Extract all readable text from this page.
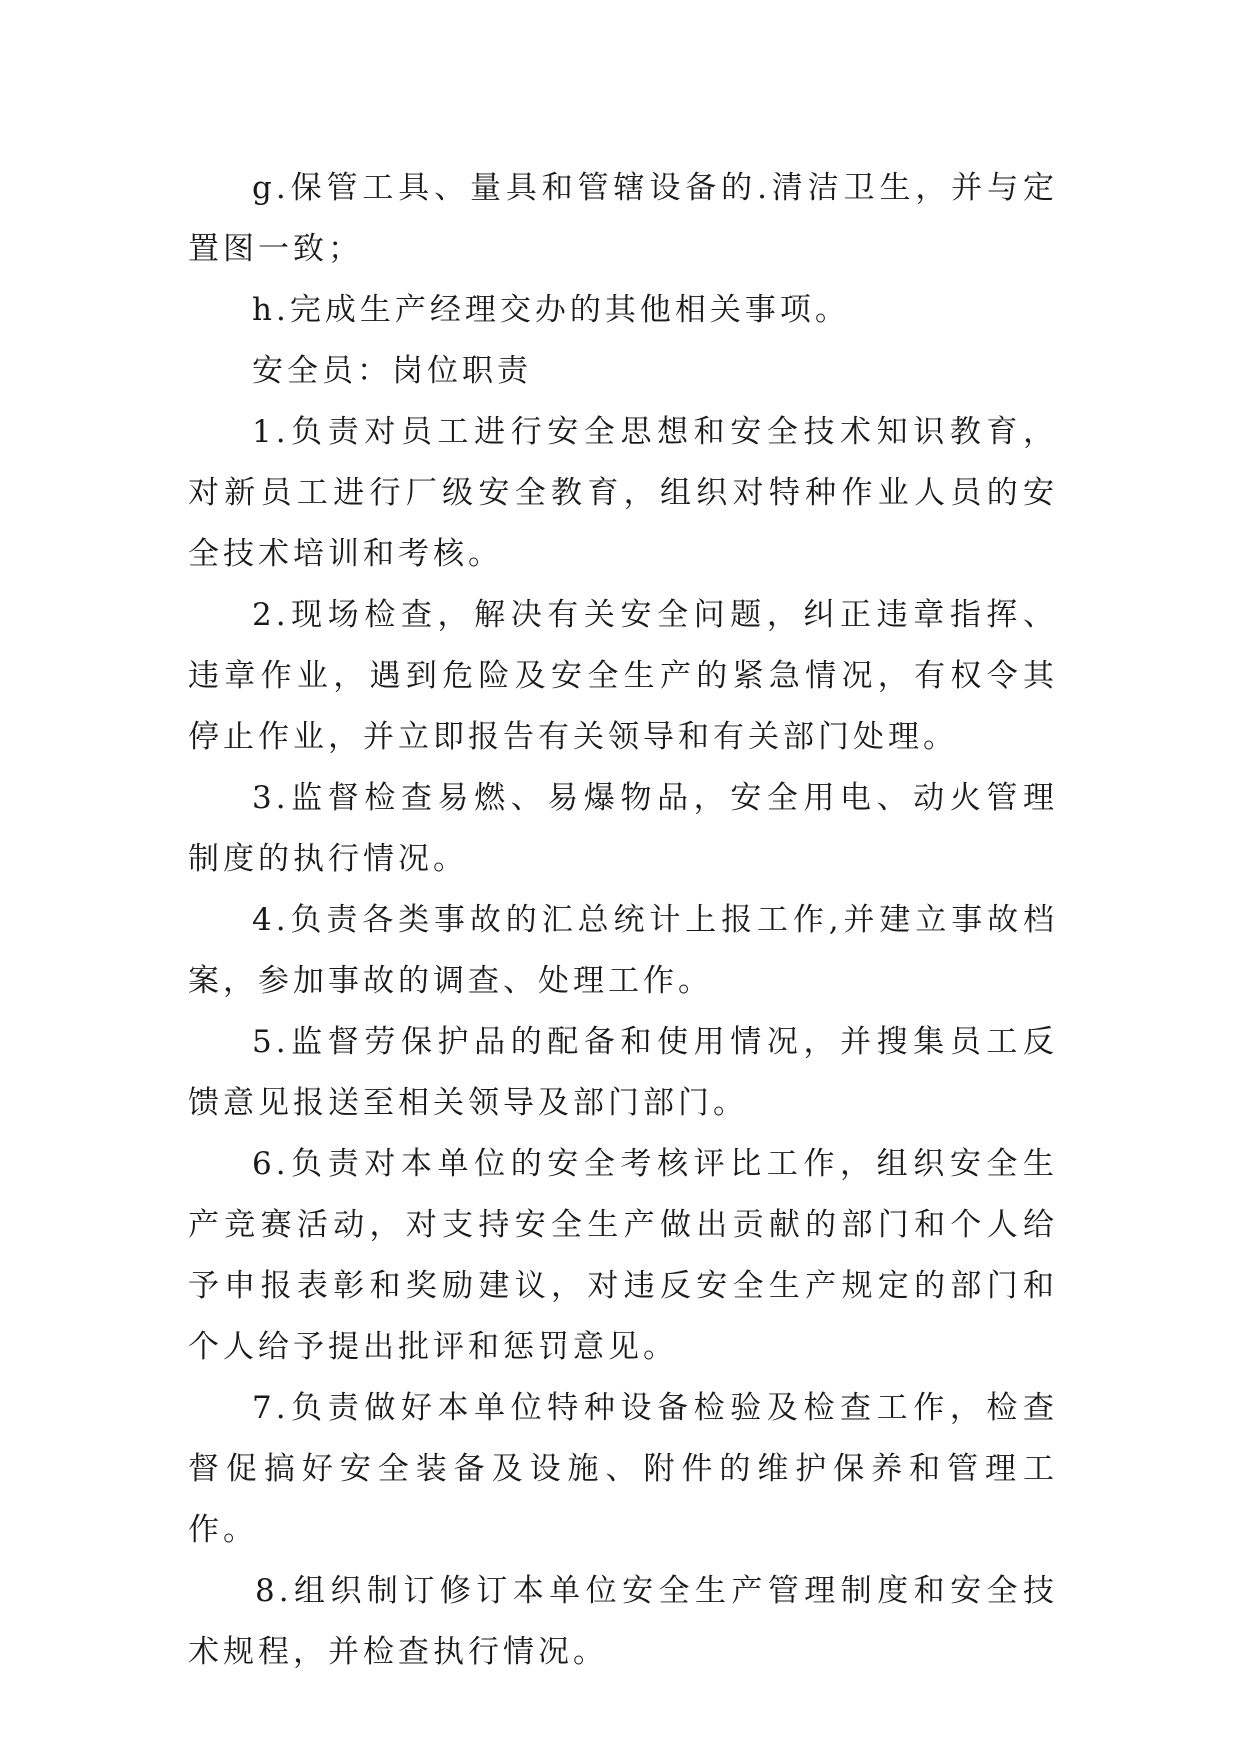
g.保管工具、量具和管辖设备的.清洁卫生，并与定置图一致；

h.完成生产经理交办的其他相关事项。

安全员：岗位职责

1.负责对员工进行安全思想和安全技术知识教育，对新员工进行厂级安全教育，组织对特种作业人员的安全技术培训和考核。

2.现场检查，解决有关安全问题，纠正违章指挥、违章作业，遇到危险及安全生产的紧急情况，有权令其停止作业，并立即报告有关领导和有关部门处理。

3.监督检查易燃、易爆物品，安全用电、动火管理制度的执行情况。

4.负责各类事故的汇总统计上报工作,并建立事故档案，参加事故的调查、处理工作。

5.监督劳保护品的配备和使用情况，并搜集员工反馈意见报送至相关领导及部门部门。

6.负责对本单位的安全考核评比工作，组织安全生产竞赛活动，对支持安全生产做出贡献的部门和个人给予申报表彰和奖励建议，对违反安全生产规定的部门和个人给予提出批评和惩罚意见。

7.负责做好本单位特种设备检验及检查工作，检查督促搞好安全装备及设施、附件的维护保养和管理工作。

8.组织制订修订本单位安全生产管理制度和安全技术规程，并检查执行情况。
